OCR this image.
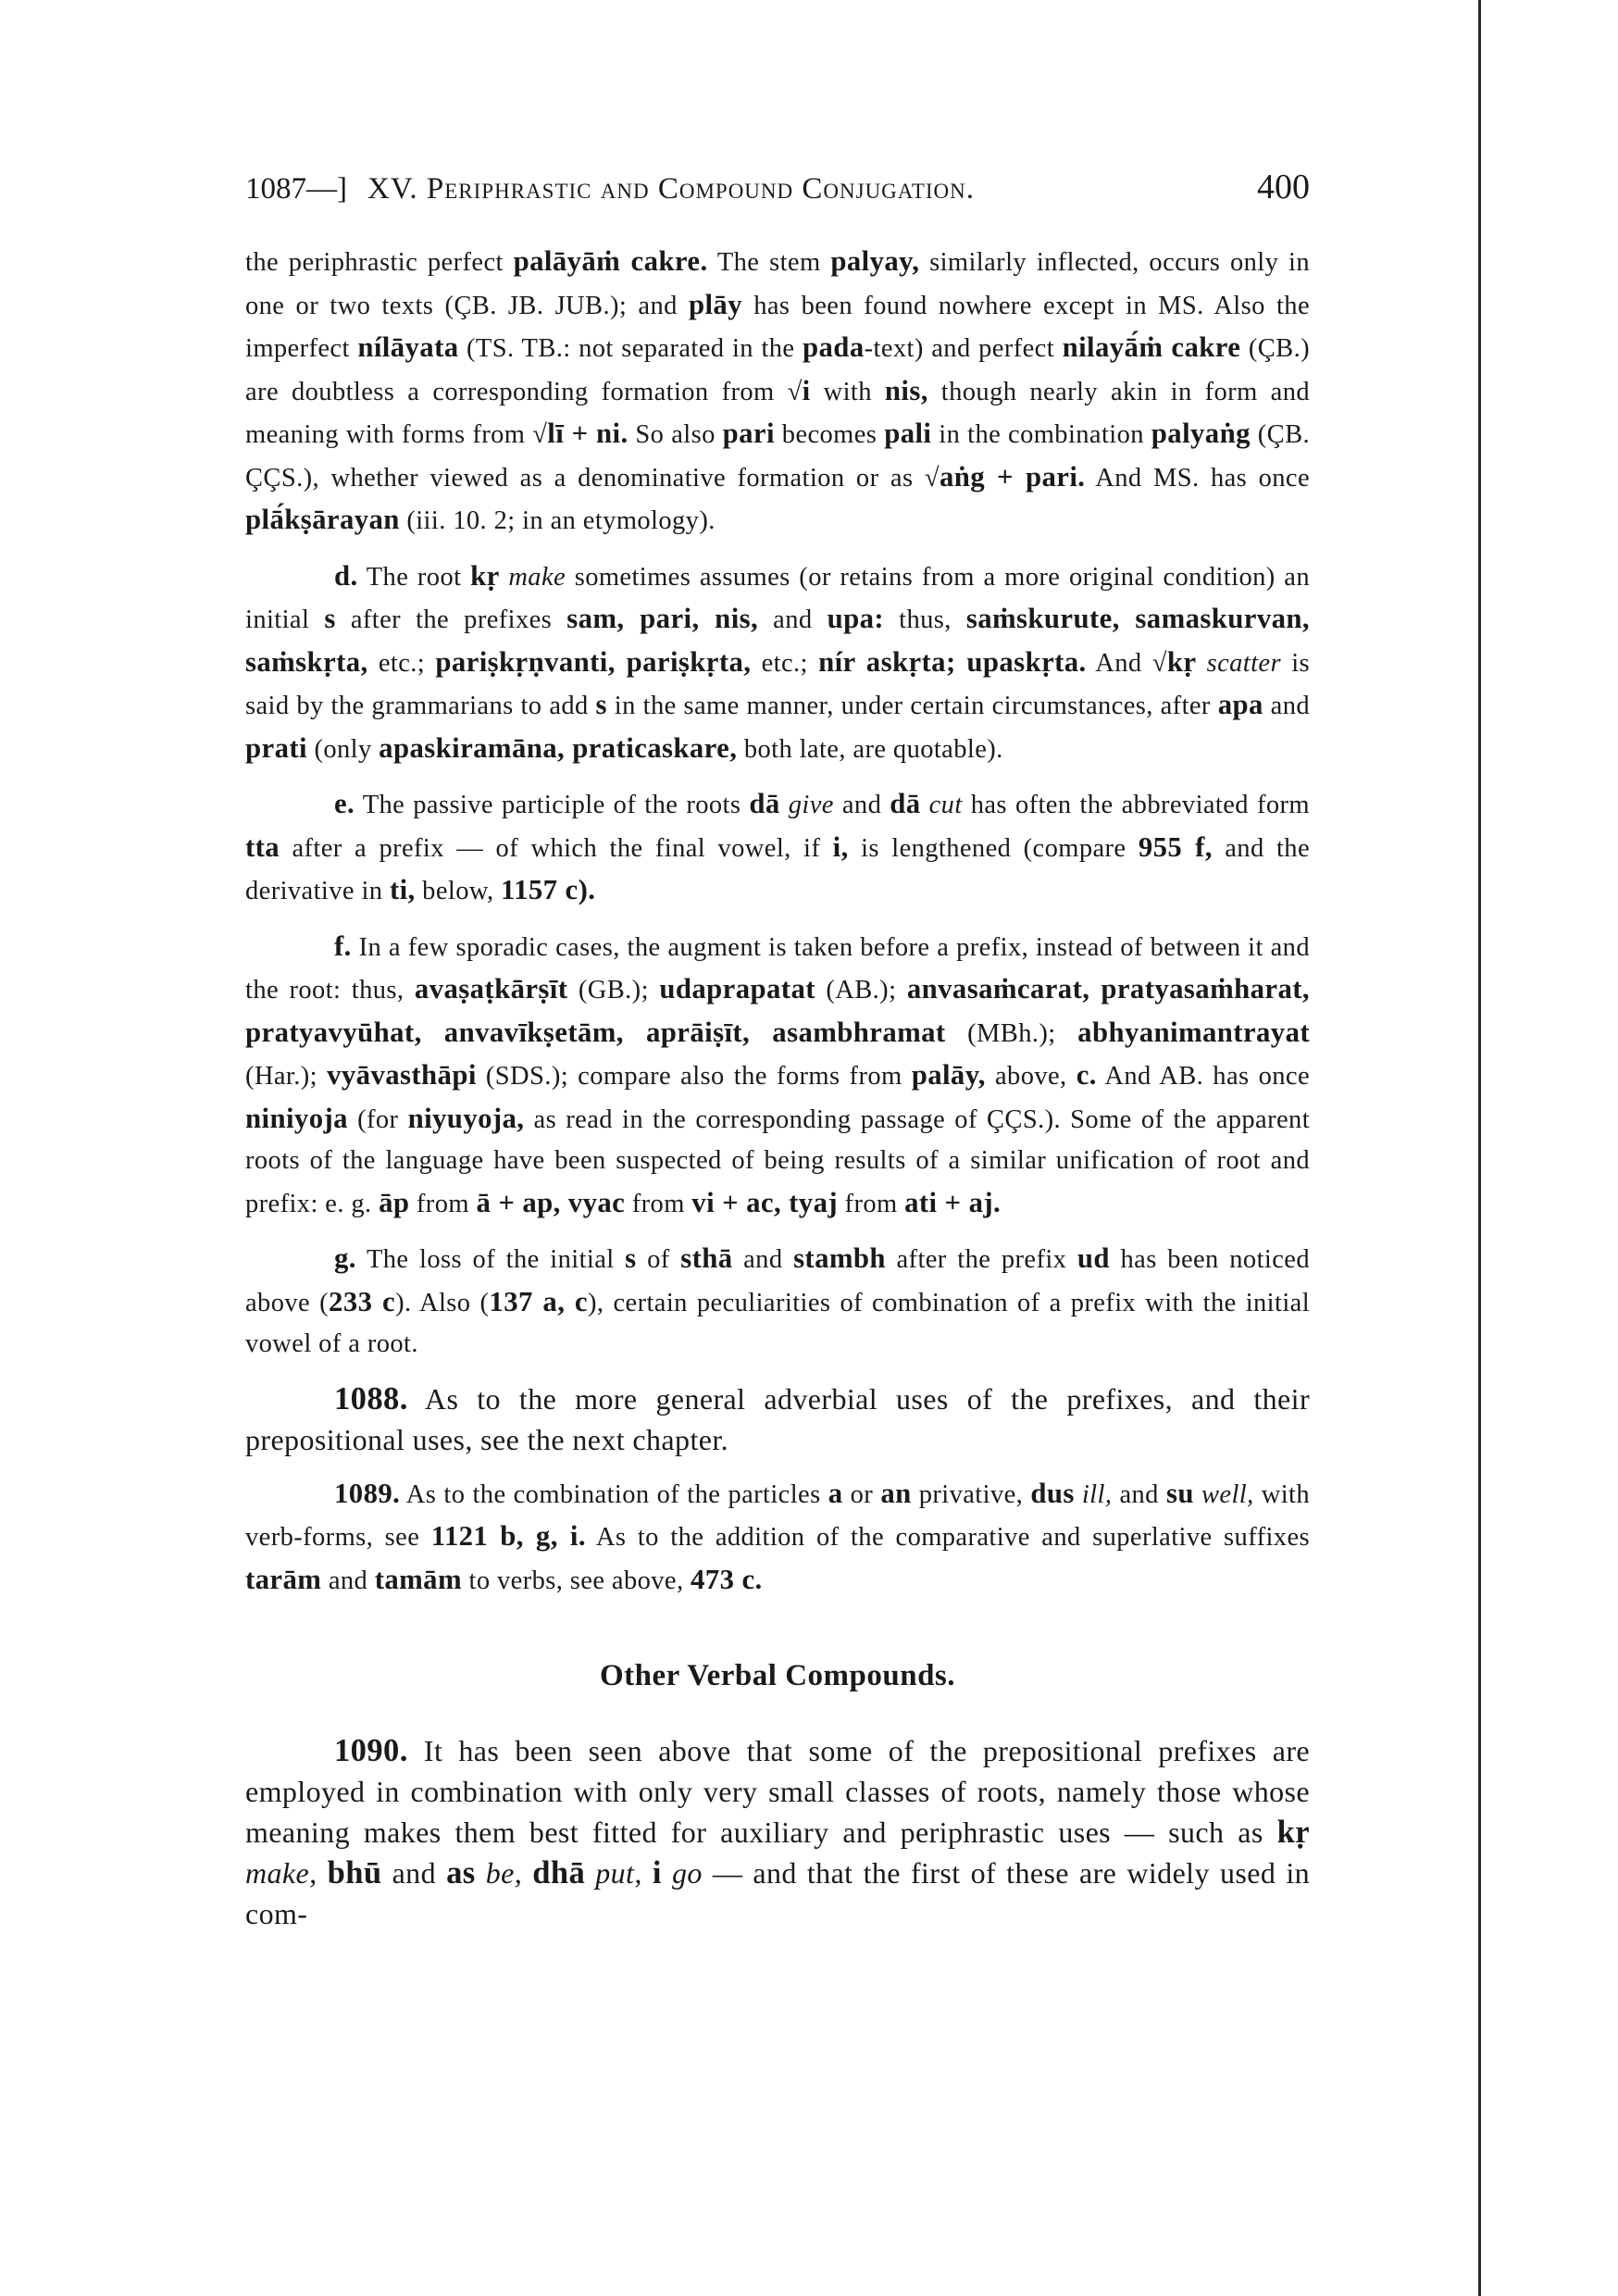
1087—] XV. Periphrastic and Compound Conjugation.	400

the periphrastic perfect palāyāṁ cakre. The stem palyay, similarly inflected, occurs only in one or two texts (ÇB. JB. JUB.); and plāy has been found nowhere except in MS. Also the imperfect nílāyata (TS. TB.: not separated in the pada-text) and perfect nilayā́ṁ cakre (ÇB.) are doubtless a corresponding formation from √i with nis, though nearly akin in form and meaning with forms from √lī + ni. So also pari becomes pali in the combination palyaṅg (ÇB. ÇÇS.), whether viewed as a denominative formation or as √aṅg + pari. And MS. has once plā́kṣārayan (iii. 10. 2; in an etymology).

d. The root kṛ make sometimes assumes (or retains from a more original condition) an initial s after the prefixes sam, pari, nis, and upa: thus, saṁskurute, samaskurvan, saṁskṛta, etc.; pariṣkṛṇvanti, pariṣkṛta, etc.; nír askṛta; upaskṛta. And √kṛ scatter is said by the grammarians to add s in the same manner, under certain circumstances, after apa and prati (only apaskiramāna, praticaskare, both late, are quotable).

e. The passive participle of the roots dā give and dā cut has often the abbreviated form tta after a prefix — of which the final vowel, if i, is lengthened (compare 955 f, and the derivative in ti, below, 1157 c).

f. In a few sporadic cases, the augment is taken before a prefix, instead of between it and the root: thus, avaṣaṭkārṣīt (GB.); udaprapatat (AB.); anvasaṁcarat, pratyasaṁharat, pratyavyūhat, anvavīkṣetām, aprāiṣīt, asambhramat (MBh.); abhyanimantrayat (Har.); vyāvasthāpi (SDS.); compare also the forms from palāy, above, c. And AB. has once niniyoja (for niyuyoja, as read in the corresponding passage of ÇÇS.). Some of the apparent roots of the language have been suspected of being results of a similar unification of root and prefix: e. g. āp from ā + ap, vyac from vi + ac, tyaj from ati + aj.

g. The loss of the initial s of sthā and stambh after the prefix ud has been noticed above (233 c). Also (137 a, c), certain peculiarities of combination of a prefix with the initial vowel of a root.

1088. As to the more general adverbial uses of the prefixes, and their prepositional uses, see the next chapter.

1089. As to the combination of the particles a or an privative, dus ill, and su well, with verb-forms, see 1121 b, g, i. As to the addition of the comparative and superlative suffixes tarām and tamām to verbs, see above, 473 c.

Other Verbal Compounds.

1090. It has been seen above that some of the prepositional prefixes are employed in combination with only very small classes of roots, namely those whose meaning makes them best fitted for auxiliary and periphrastic uses — such as kṛ make, bhū and as be, dhā put, i go — and that the first of these are widely used in com-
